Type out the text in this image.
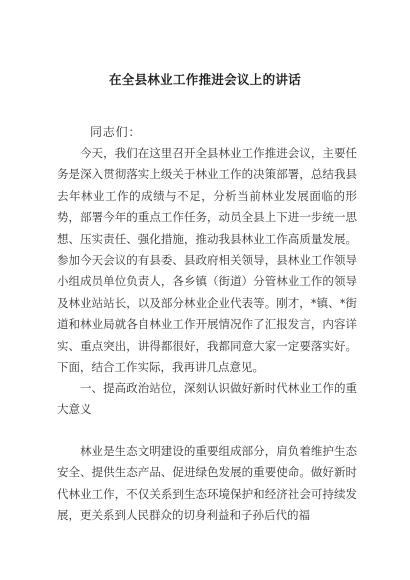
在全县林业工作推进会议上的讲话
同志们：

今天，我们在这里召开全县林业工作推进会议，主要任务是深入贯彻落实上级关于林业工作的决策部署，总结我县去年林业工作的成绩与不足，分析当前林业发展面临的形势，部署今年的重点工作任务，动员全县上下进一步统一思想、压实责任、强化措施，推动我县林业工作高质量发展。参加今天会议的有县委、县政府相关领导，县林业工作领导小组成员单位负责人，各乡镇（街道）分管林业工作的领导及林业站站长，以及部分林业企业代表等。刚才，*镇、*街道和林业局就各自林业工作开展情况作了汇报发言，内容详实、重点突出，讲得都很好，我都同意大家一定要落实好。下面，结合工作实际，我再讲几点意见。

一、提高政治站位，深刻认识做好新时代林业工作的重大意义

林业是生态文明建设的重要组成部分，肩负着维护生态安全、提供生态产品、促进绿色发展的重要使命。做好新时代林业工作，不仅关系到生态环境保护和经济社会可持续发展，更关系到人民群众的切身利益和子孙后代的福
